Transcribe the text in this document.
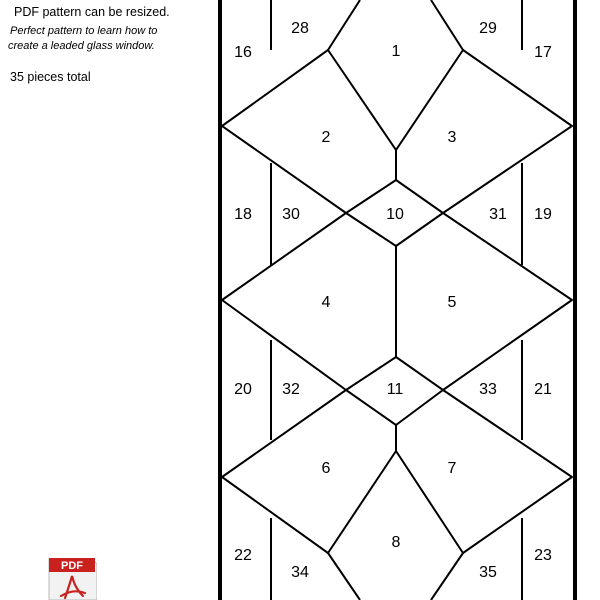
PDF pattern can be resized.

Perfect pattern to learn how to

create a leaded glass window.

35 pieces total

PDF
1
2	3
4	5
6	7
8
10
11
16	17
18	19
20	21
22	23
28	29
30	31
32	33
34	35
